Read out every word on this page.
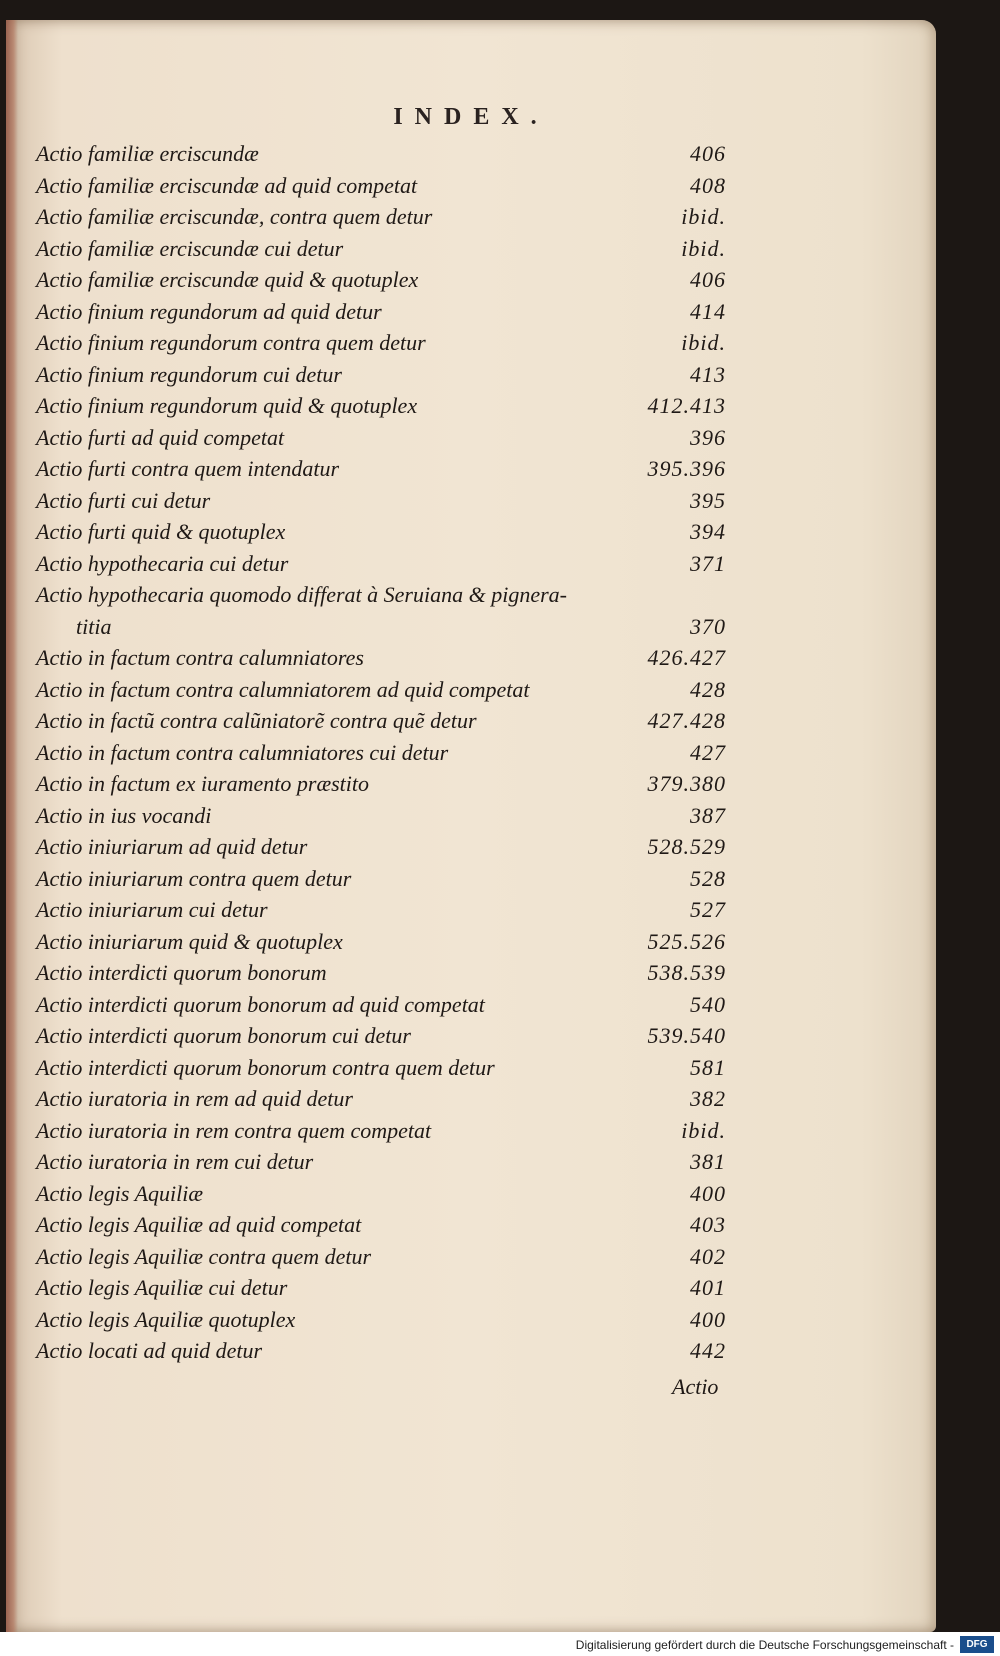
INDEX.
Actio familiæ erciscundæ	406
Actio familiæ erciscundæ ad quid competat	408
Actio familiæ erciscundæ, contra quem detur	ibid.
Actio familiæ erciscundæ cui detur	ibid.
Actio familiæ erciscundæ quid & quotuplex	406
Actio finium regundorum ad quid detur	414
Actio finium regundorum contra quem detur	ibid.
Actio finium regundorum cui detur	413
Actio finium regundorum quid & quotuplex	412.413
Actio furti ad quid competat	396
Actio furti contra quem intendatur	395.396
Actio furti cui detur	395
Actio furti quid & quotuplex	394
Actio hypothecaria cui detur	371
Actio hypothecaria quomodo differat à Seruiana & pignera-
titia	370
Actio in factum contra calumniatores	426.427
Actio in factum contra calumniatorem ad quid competat	428
Actio in factũ contra calũniatorẽ contra quẽ detur	427.428
Actio in factum contra calumniatores cui detur	427
Actio in factum ex iuramento præstito	379.380
Actio in ius vocandi	387
Actio iniuriarum ad quid detur	528.529
Actio iniuriarum contra quem detur	528
Actio iniuriarum cui detur	527
Actio iniuriarum quid & quotuplex	525.526
Actio interdicti quorum bonorum	538.539
Actio interdicti quorum bonorum ad quid competat	540
Actio interdicti quorum bonorum cui detur	539.540
Actio interdicti quorum bonorum contra quem detur	581
Actio iuratoria in rem ad quid detur	382
Actio iuratoria in rem contra quem competat	ibid.
Actio iuratoria in rem cui detur	381
Actio legis Aquiliæ	400
Actio legis Aquiliæ ad quid competat	403
Actio legis Aquiliæ contra quem detur	402
Actio legis Aquiliæ cui detur	401
Actio legis Aquiliæ quotuplex	400
Actio locati ad quid detur	442
Actio
Digitalisierung gefördert durch die Deutsche Forschungsgemeinschaft -	DFG
